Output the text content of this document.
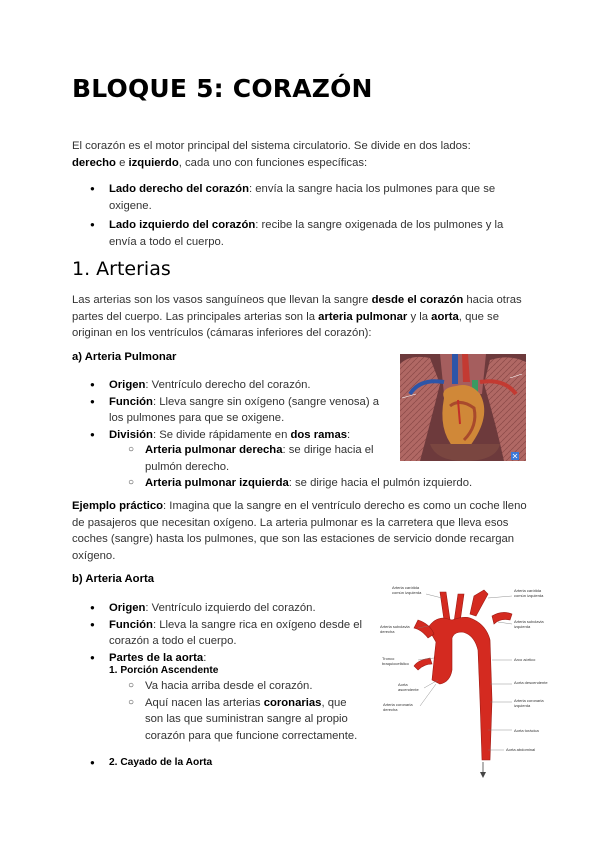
BLOQUE 5: CORAZÓN

El corazón es el motor principal del sistema circulatorio. Se divide en dos lados:
derecho e izquierdo, cada uno con funciones específicas:

● Lado derecho del corazón: envía la sangre hacia los pulmones para que se oxigene.
● Lado izquierdo del corazón: recibe la sangre oxigenada de los pulmones y la envía a todo el cuerpo.
1. Arterias

Las arterias son los vasos sanguíneos que llevan la sangre desde el corazón hacia otras partes del cuerpo. Las principales arterias son la arteria pulmonar y la aorta, que se originan en los ventrículos (cámaras inferiores del corazón):

a) Arteria Pulmonar
● Origen: Ventrículo derecho del corazón.
● Función: Lleva sangre sin oxígeno (sangre venosa) a los pulmones para que se oxigene.
● División: Se divide rápidamente en dos ramas:
○ Arteria pulmonar derecha: se dirige hacia el pulmón derecho.
○ Arteria pulmonar izquierda: se dirige hacia el pulmón izquierdo.

Ejemplo práctico: Imagina que la sangre en el ventrículo derecho es como un coche lleno de pasajeros que necesitan oxígeno. La arteria pulmonar es la carretera que lleva esos coches (sangre) hasta los pulmones, que son las estaciones de servicio donde recargan oxígeno.

b) Arteria Aorta
● Origen: Ventrículo izquierdo del corazón.
● Función: Lleva la sangre rica en oxígeno desde el corazón a todo el cuerpo.
● Partes de la aorta:
1. Porción Ascendente
○ Va hacia arriba desde el corazón.
○ Aquí nacen las arterias coronarias, que son las que suministran sangre al propio corazón para que funcione correctamente.
● 2. Cayado de la Aorta
Arteria carótida común izquierda
Arteria subclavia derecha
Tronco braquiocefálico
Aorta ascendente
Arteria coronaria derecha
Arteria carótida común izquierda
Arteria subclavia izquierda
Arco aórtico
Aorta descendente
Arteria coronaria izquierda
Aorta torácica
Aorta abdominal
